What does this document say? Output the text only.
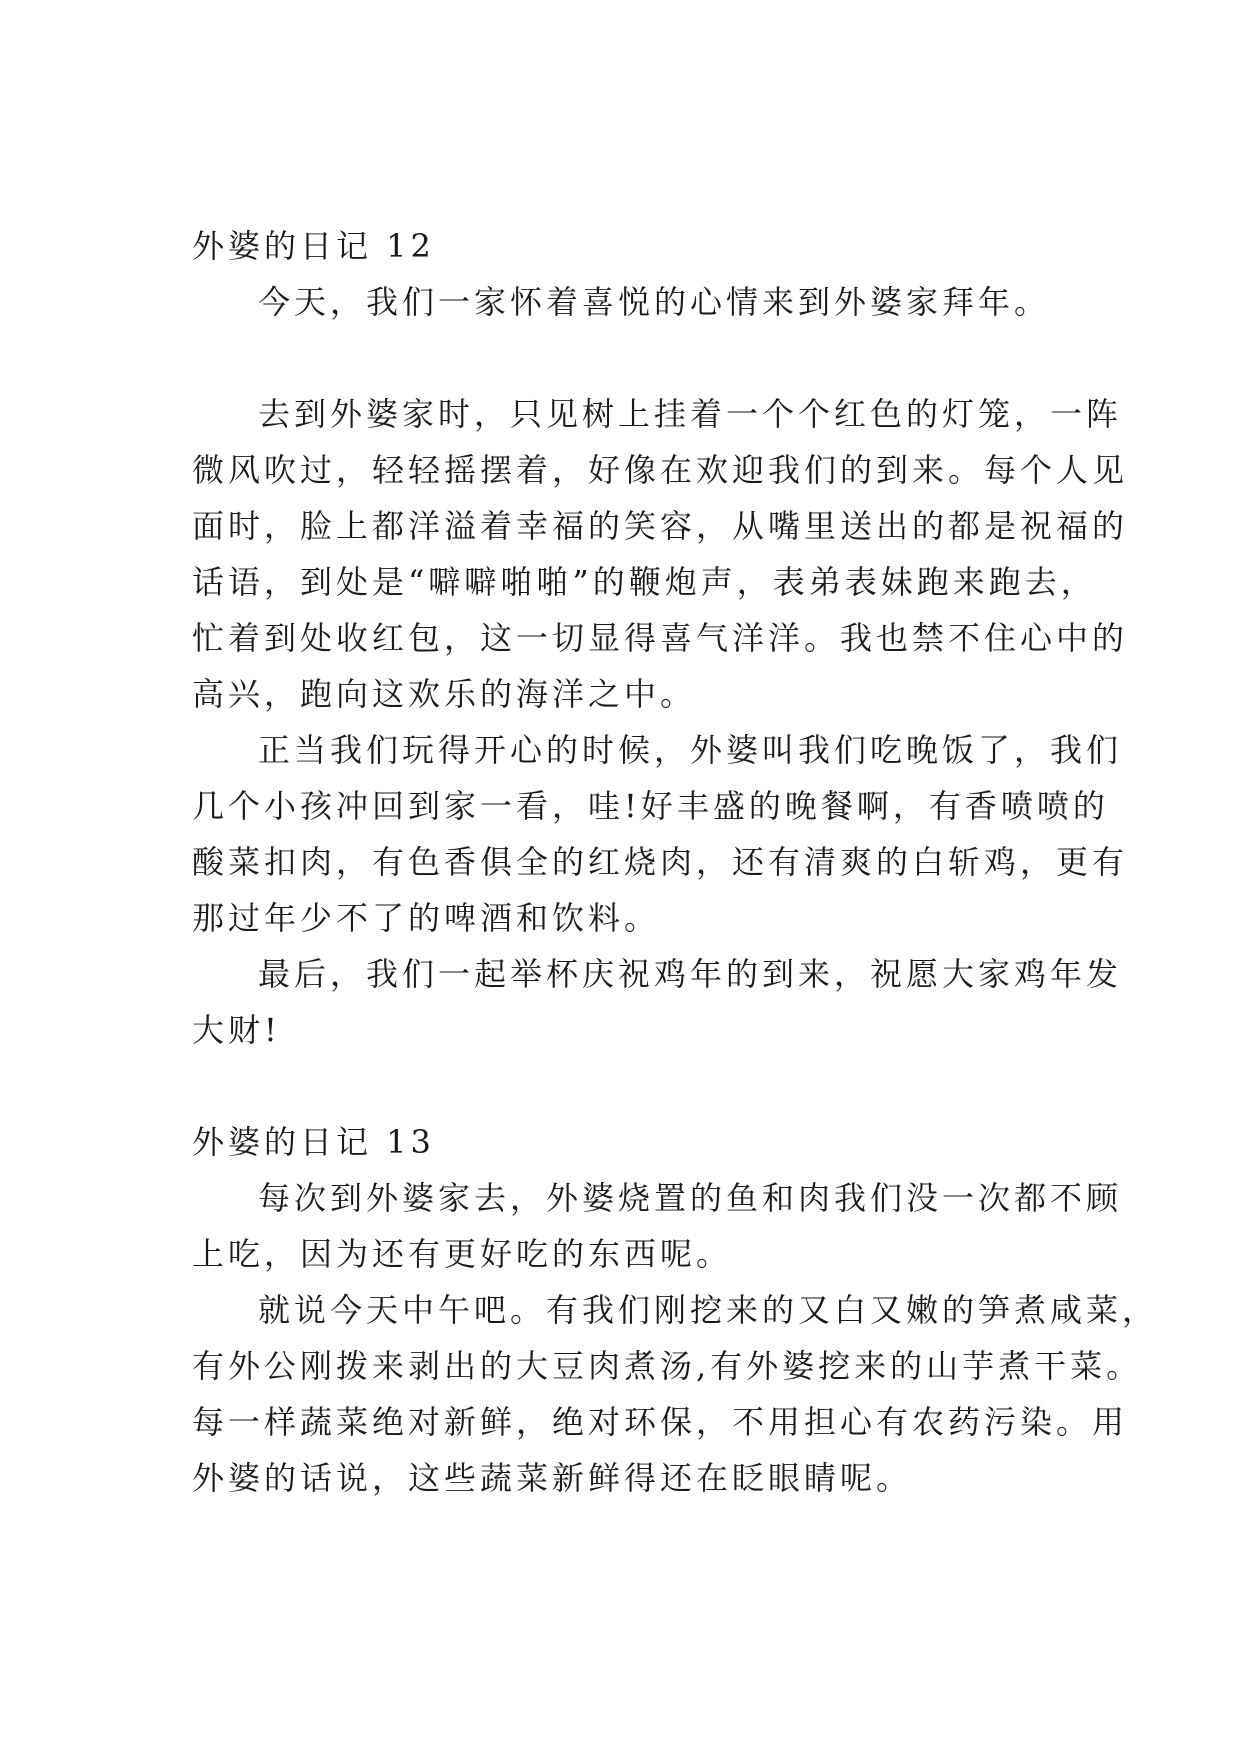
外婆的日记 12
今天，我们一家怀着喜悦的心情来到外婆家拜年。
去到外婆家时，只见树上挂着一个个红色的灯笼，一阵
微风吹过，轻轻摇摆着，好像在欢迎我们的到来。每个人见
面时，脸上都洋溢着幸福的笑容，从嘴里送出的都是祝福的
话语，到处是“噼噼啪啪”的鞭炮声，表弟表妹跑来跑去，
忙着到处收红包，这一切显得喜气洋洋。我也禁不住心中的
高兴，跑向这欢乐的海洋之中。
正当我们玩得开心的时候，外婆叫我们吃晚饭了，我们
几个小孩冲回到家一看，哇!好丰盛的晚餐啊，有香喷喷的
酸菜扣肉，有色香俱全的红烧肉，还有清爽的白斩鸡，更有
那过年少不了的啤酒和饮料。
最后，我们一起举杯庆祝鸡年的到来，祝愿大家鸡年发
大财!
外婆的日记 13
每次到外婆家去，外婆烧置的鱼和肉我们没一次都不顾
上吃，因为还有更好吃的东西呢。
就说今天中午吧。有我们刚挖来的又白又嫩的笋煮咸菜，
有外公刚拨来剥出的大豆肉煮汤,有外婆挖来的山芋煮干菜。
每一样蔬菜绝对新鲜，绝对环保，不用担心有农药污染。用
外婆的话说，这些蔬菜新鲜得还在眨眼睛呢。
